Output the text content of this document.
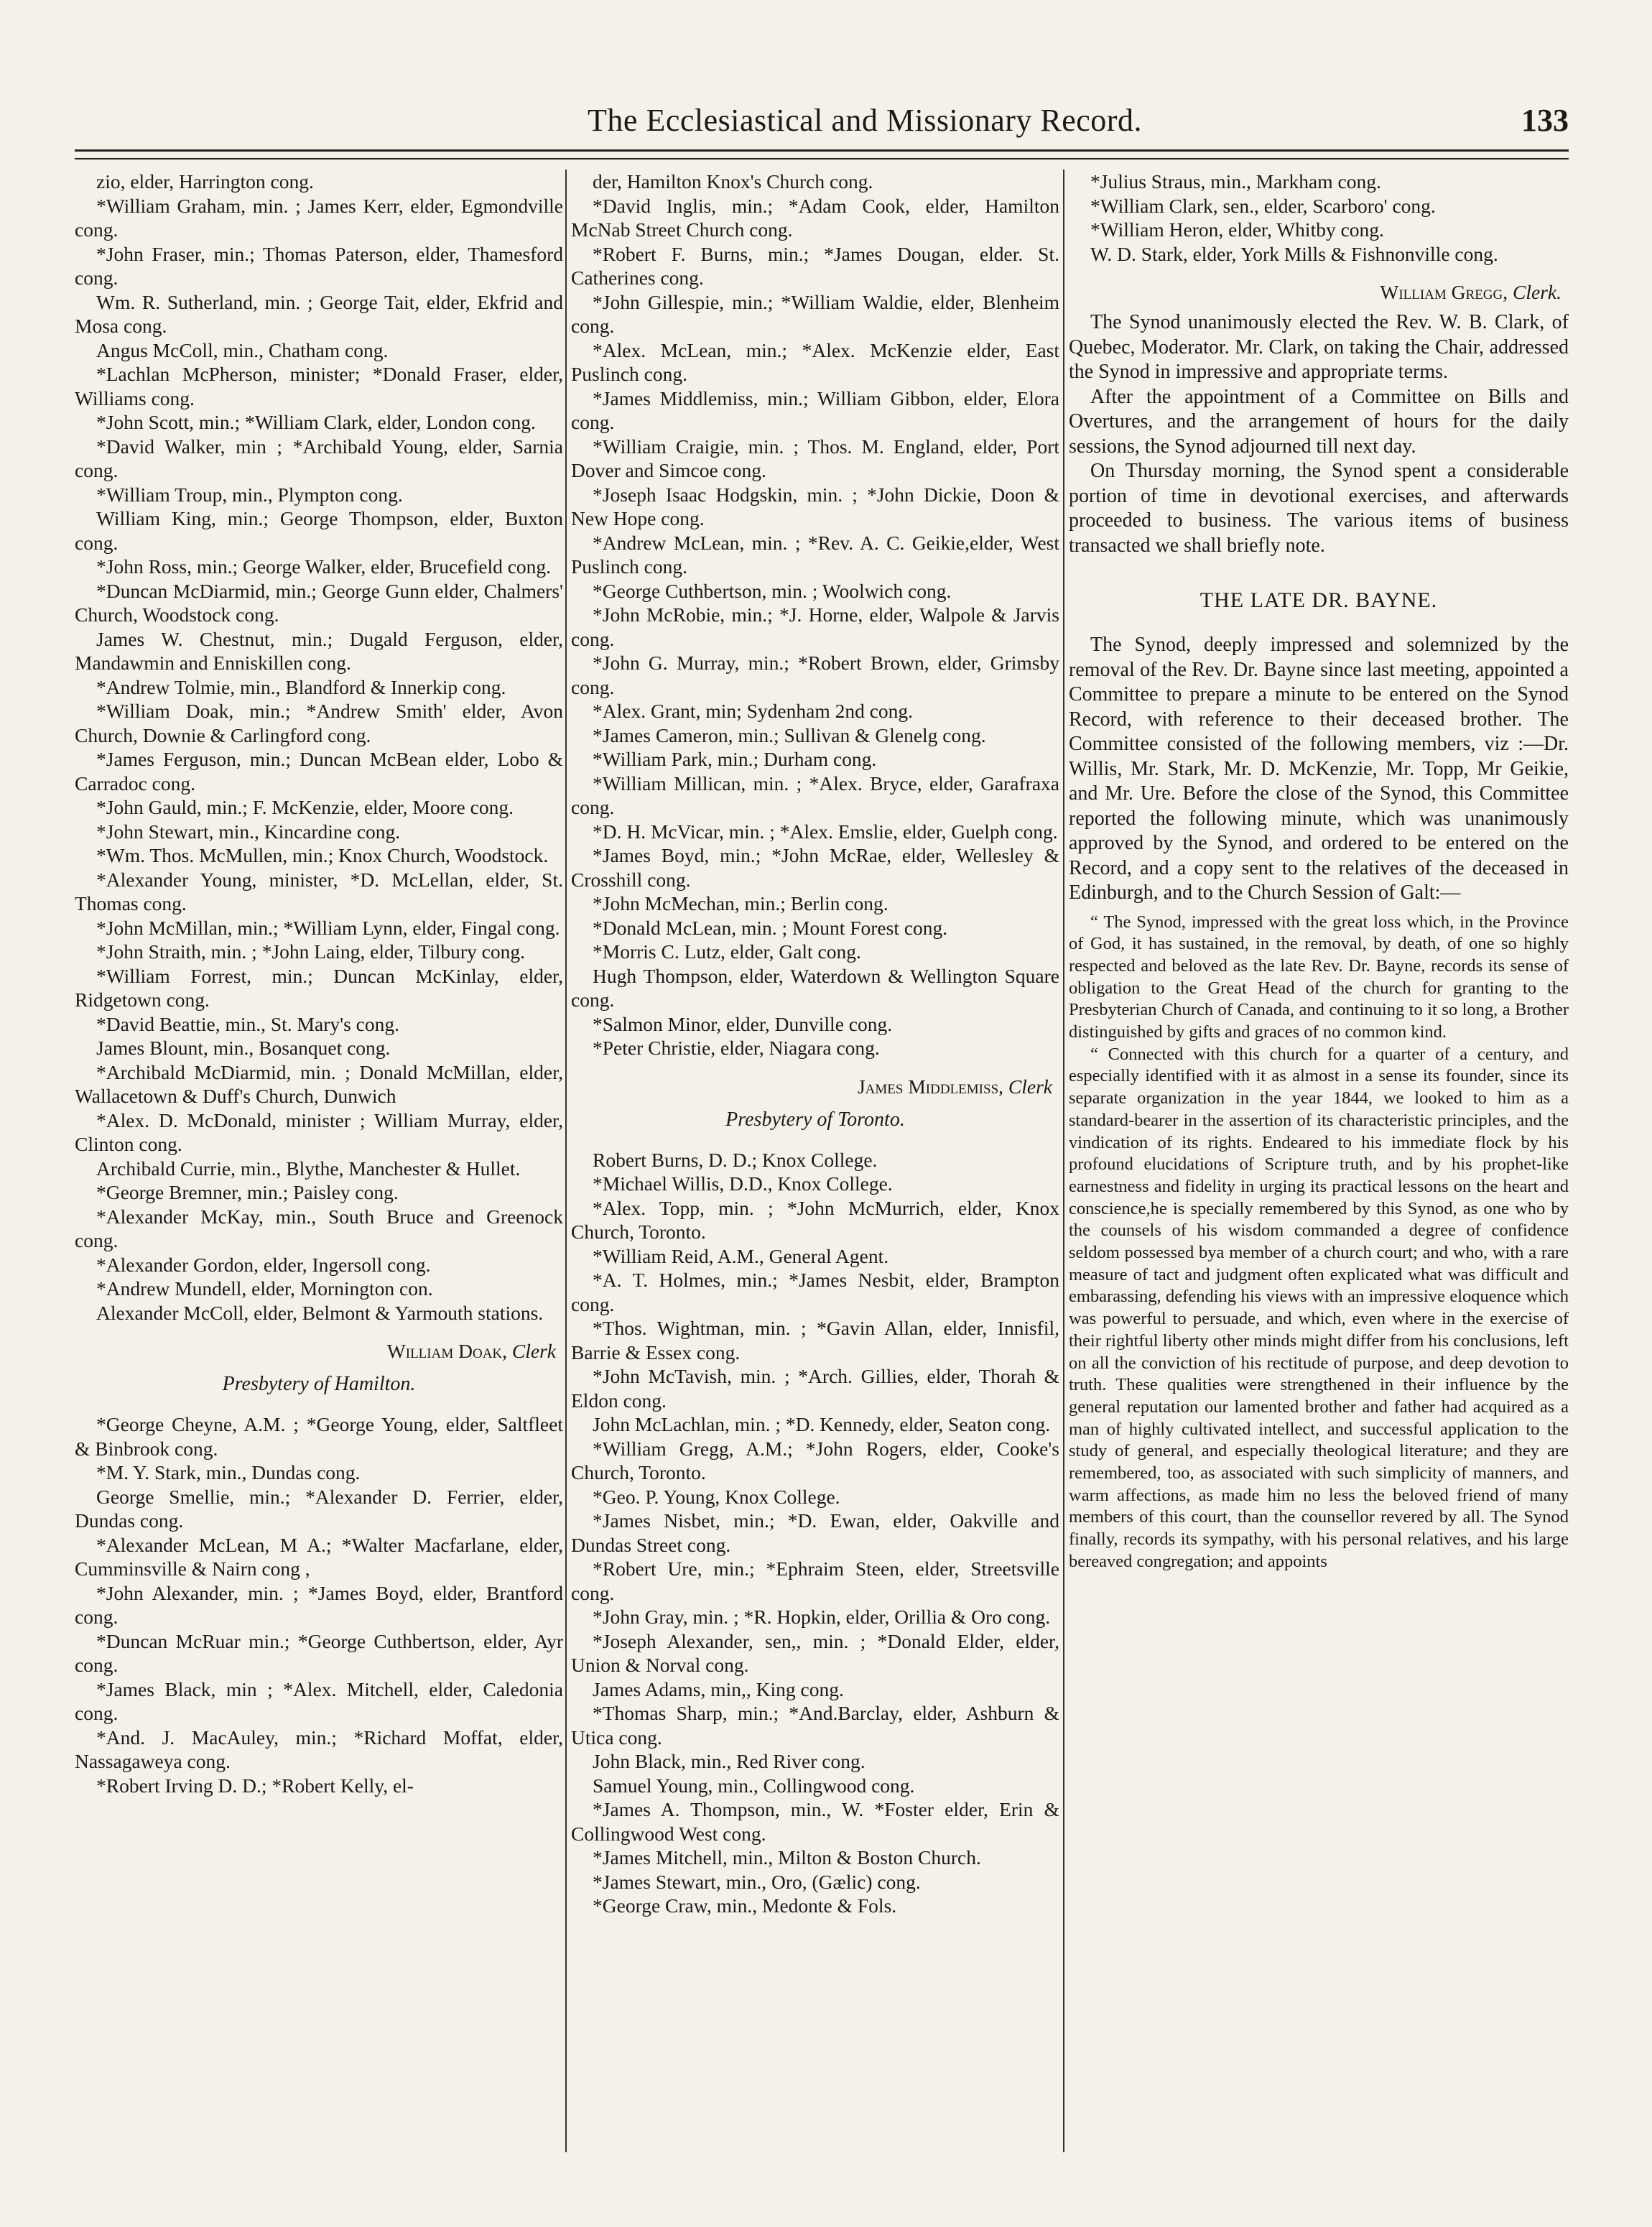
The Ecclesiastical and Missionary Record.	133
zio, elder, Harrington cong.
*William Graham, min. ; James Kerr, elder, Egmondville cong.
*John Fraser, min.; Thomas Paterson, elder, Thamesford cong.
Wm. R. Sutherland, min. ; George Tait, elder, Ekfrid and Mosa cong.
Angus McColl, min., Chatham cong.
*Lachlan McPherson, minister; *Donald Fraser, elder, Williams cong.
*John Scott, min.; *William Clark, elder, London cong.
*David Walker, min ; *Archibald Young, elder, Sarnia cong.
*William Troup, min., Plympton cong.
William King, min.; George Thompson, elder, Buxton cong.
*John Ross, min.; George Walker, elder, Brucefield cong.
*Duncan McDiarmid, min.; George Gunn elder, Chalmers' Church, Woodstock cong.
James W. Chestnut, min.; Dugald Ferguson, elder, Mandawmin and Enniskillen cong.
*Andrew Tolmie, min., Blandford & Innerkip cong.
*William Doak, min.; *Andrew Smith' elder, Avon Church, Downie & Carlingford cong.
*James Ferguson, min.; Duncan McBean elder, Lobo & Carradoc cong.
*John Gauld, min.; F. McKenzie, elder, Moore cong.
*John Stewart, min., Kincardine cong.
*Wm. Thos. McMullen, min.; Knox Church, Woodstock.
*Alexander Young, minister, *D. McLellan, elder, St. Thomas cong.
*John McMillan, min.; *William Lynn, elder, Fingal cong.
*John Straith, min. ; *John Laing, elder, Tilbury cong.
*William Forrest, min.; Duncan McKinlay, elder, Ridgetown cong.
*David Beattie, min., St. Mary's cong.
James Blount, min., Bosanquet cong.
*Archibald McDiarmid, min. ; Donald McMillan, elder, Wallacetown & Duff's Church, Dunwich
*Alex. D. McDonald, minister ; William Murray, elder, Clinton cong.
Archibald Currie, min., Blythe, Manchester & Hullet.
*George Bremner, min.; Paisley cong.
*Alexander McKay, min., South Bruce and Greenock cong.
*Alexander Gordon, elder, Ingersoll cong.
*Andrew Mundell, elder, Mornington con.
Alexander McColl, elder, Belmont & Yarmouth stations.
William Doak, Clerk
Presbytery of Hamilton.
*George Cheyne, A.M. ; *George Young, elder, Saltfleet & Binbrook cong.
*M. Y. Stark, min., Dundas cong.
George Smellie, min.; *Alexander D. Ferrier, elder, Dundas cong.
*Alexander McLean, M A.; *Walter Macfarlane, elder, Cumminsville & Nairn cong ,
*John Alexander, min. ; *James Boyd, elder, Brantford cong.
*Duncan McRuar min.; *George Cuthbertson, elder, Ayr cong.
*James Black, min ; *Alex. Mitchell, elder, Caledonia cong.
*And. J. MacAuley, min.; *Richard Moffat, elder, Nassagaweya cong.
*Robert Irving D. D.; *Robert Kelly, el-
der, Hamilton Knox's Church cong.
*David Inglis, min.; *Adam Cook, elder, Hamilton McNab Street Church cong.
*Robert F. Burns, min.; *James Dougan, elder. St. Catherines cong.
*John Gillespie, min.; *William Waldie, elder, Blenheim cong.
*Alex. McLean, min.; *Alex. McKenzie elder, East Puslinch cong.
*James Middlemiss, min.; William Gibbon, elder, Elora cong.
*William Craigie, min. ; Thos. M. England, elder, Port Dover and Simcoe cong.
*Joseph Isaac Hodgskin, min. ; *John Dickie, Doon & New Hope cong.
*Andrew McLean, min. ; *Rev. A. C. Geikie,elder, West Puslinch cong.
*George Cuthbertson, min. ; Woolwich cong.
*John McRobie, min.; *J. Horne, elder, Walpole & Jarvis cong.
*John G. Murray, min.; *Robert Brown, elder, Grimsby cong.
*Alex. Grant, min; Sydenham 2nd cong.
*James Cameron, min.; Sullivan & Glenelg cong.
*William Park, min.; Durham cong.
*William Millican, min. ; *Alex. Bryce, elder, Garafraxa cong.
*D. H. McVicar, min. ; *Alex. Emslie, elder, Guelph cong.
*James Boyd, min.; *John McRae, elder, Wellesley & Crosshill cong.
*John McMechan, min.; Berlin cong.
*Donald McLean, min. ; Mount Forest cong.
*Morris C. Lutz, elder, Galt cong.
Hugh Thompson, elder, Waterdown & Wellington Square cong.
*Salmon Minor, elder, Dunville cong.
*Peter Christie, elder, Niagara cong.
James Middlemiss, Clerk
Presbytery of Toronto.
Robert Burns, D. D.; Knox College.
*Michael Willis, D.D., Knox College.
*Alex. Topp, min. ; *John McMurrich, elder, Knox Church, Toronto.
*William Reid, A.M., General Agent.
*A. T. Holmes, min.; *James Nesbit, elder, Brampton cong.
*Thos. Wightman, min. ; *Gavin Allan, elder, Innisfil, Barrie & Essex cong.
*John McTavish, min. ; *Arch. Gillies, elder, Thorah & Eldon cong.
John McLachlan, min. ; *D. Kennedy, elder, Seaton cong.
*William Gregg, A.M.; *John Rogers, elder, Cooke's Church, Toronto.
*Geo. P. Young, Knox College.
*James Nisbet, min.; *D. Ewan, elder, Oakville and Dundas Street cong.
*Robert Ure, min.; *Ephraim Steen, elder, Streetsville cong.
*John Gray, min. ; *R. Hopkin, elder, Orillia & Oro cong.
*Joseph Alexander, sen,, min. ; *Donald Elder, elder, Union & Norval cong.
James Adams, min,, King cong.
*Thomas Sharp, min.; *And.Barclay, elder, Ashburn & Utica cong.
John Black, min., Red River cong.
Samuel Young, min., Collingwood cong.
*James A. Thompson, min., W. *Foster elder, Erin & Collingwood West cong.
*James Mitchell, min., Milton & Boston Church.
*James Stewart, min., Oro, (Gælic) cong.
*George Craw, min., Medonte & Fols.
*Julius Straus, min., Markham cong.
*William Clark, sen., elder, Scarboro' cong.
*William Heron, elder, Whitby cong.
W. D. Stark, elder, York Mills & Fishnonville cong.
William Gregg, Clerk.

The Synod unanimously elected the Rev. W. B. Clark, of Quebec, Moderator. Mr. Clark, on taking the Chair, addressed the Synod in impressive and appropriate terms.

After the appointment of a Committee on Bills and Overtures, and the arrangement of hours for the daily sessions, the Synod adjourned till next day.

On Thursday morning, the Synod spent a considerable portion of time in devotional exercises, and afterwards proceeded to business. The various items of business transacted we shall briefly note.

THE LATE DR. BAYNE.

The Synod, deeply impressed and solemnized by the removal of the Rev. Dr. Bayne since last meeting, appointed a Committee to prepare a minute to be entered on the Synod Record, with reference to their deceased brother. The Committee consisted of the following members, viz :—Dr. Willis, Mr. Stark, Mr. D. McKenzie, Mr. Topp, Mr Geikie, and Mr. Ure. Before the close of the Synod, this Committee reported the following minute, which was unanimously approved by the Synod, and ordered to be entered on the Record, and a copy sent to the relatives of the deceased in Edinburgh, and to the Church Session of Galt:—

“ The Synod, impressed with the great loss which, in the Province of God, it has sustained, in the removal, by death, of one so highly respected and beloved as the late Rev. Dr. Bayne, records its sense of obligation to the Great Head of the church for granting to the Presbyterian Church of Canada, and continuing to it so long, a Brother distinguished by gifts and graces of no common kind.

“ Connected with this church for a quarter of a century, and especially identified with it as almost in a sense its founder, since its separate organization in the year 1844, we looked to him as a standard-bearer in the assertion of its characteristic principles, and the vindication of its rights. Endeared to his immediate flock by his profound elucidations of Scripture truth, and by his prophet-like earnestness and fidelity in urging its practical lessons on the heart and conscience,he is specially remembered by this Synod, as one who by the counsels of his wisdom commanded a degree of confidence seldom possessed bya member of a church court; and who, with a rare measure of tact and judgment often explicated what was difficult and embarassing, defending his views with an impressive eloquence which was powerful to persuade, and which, even where in the exercise of their rightful liberty other minds might differ from his conclusions, left on all the conviction of his rectitude of purpose, and deep devotion to truth. These qualities were strengthened in their influence by the general reputation our lamented brother and father had acquired as a man of highly cultivated intellect, and successful application to the study of general, and especially theological literature; and they are remembered, too, as associated with such simplicity of manners, and warm affections, as made him no less the beloved friend of many members of this court, than the counsellor revered by all. The Synod finally, records its sympathy, with his personal relatives, and his large bereaved congregation; and appoints
